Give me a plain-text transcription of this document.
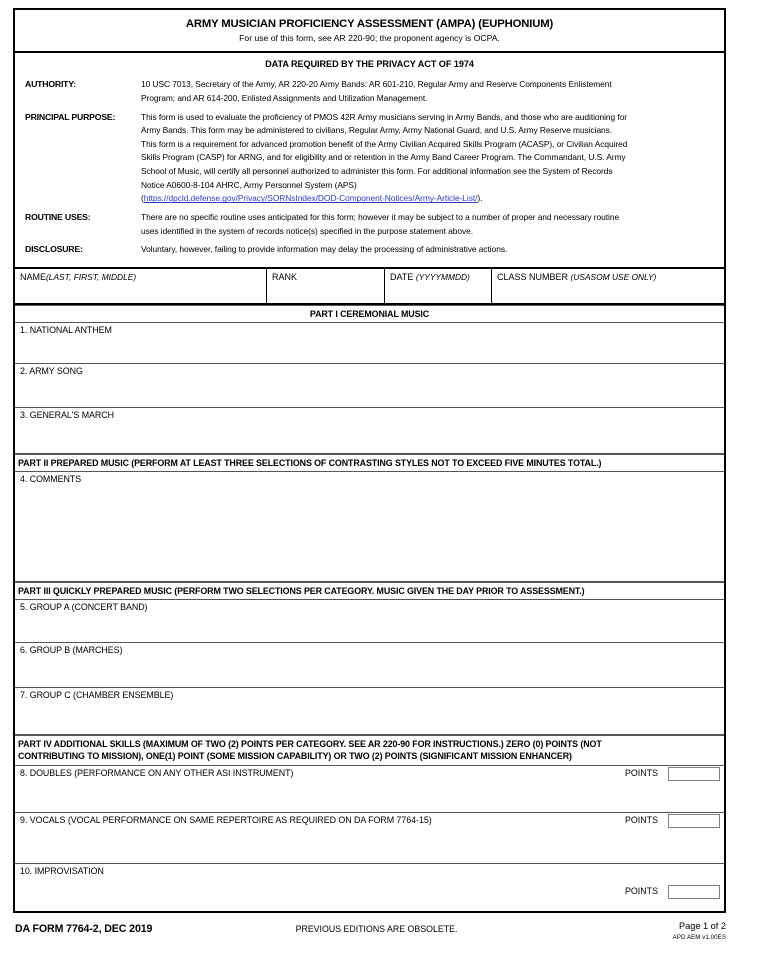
ARMY MUSICIAN PROFICIENCY ASSESSMENT (AMPA) (EUPHONIUM)
For use of this form, see AR 220-90; the proponent agency is OCPA.
DATA REQUIRED BY THE PRIVACY ACT OF 1974
AUTHORITY:	10 USC 7013, Secretary of the Army, AR 220-20 Army Bands: AR 601-210, Regular Army and Reserve Components Enlistement
Program; and AR 614-200, Enlisted Assignments and Utilization Management.
PRINCIPAL PURPOSE:	This form is used to evaluate the proficiency of PMOS 42R Army musicians serving in Army Bands, and those who are auditioning for
Army Bands. This form may be administered to civilians, Regular Army, Army National Guard, and U.S. Army Reserve musicians.
This form is a requirement for advanced promotion benefit of the Army Civilian Acquired Skills Program (ACASP), or Civilian Acquired
Skills Program (CASP) for ARNG, and for eligibility and or retention in the Army Band Career Program. The Commandant, U.S. Army
School of Music, will certify all personnel authorized to administer this form. For additional information see the System of Records
Notice A0600-8-104 AHRC, Army Personnel System (APS)
(https://dpcld.defense.gov/Privacy/SORNsIndex/DOD-Component-Notices/Army-Article-List/).
ROUTINE USES:	There are no specific routine uses anticipated for this form; however it may be subject to a number of proper and necessary routine
uses identified in the system of records notice(s) specified in the purpose statement above.
DISCLOSURE:	Voluntary, however, failing to provide information may delay the processing of administrative actions.
NAME(LAST, FIRST, MIDDLE)	RANK	DATE (YYYYMMDD)	CLASS NUMBER (USASOM USE ONLY)
PART I CEREMONIAL MUSIC
1. NATIONAL ANTHEM
2. ARMY SONG
3. GENERAL'S MARCH
PART II PREPARED MUSIC (PERFORM AT LEAST THREE SELECTIONS OF CONTRASTING STYLES NOT TO EXCEED FIVE MINUTES TOTAL.)
4. COMMENTS
PART III QUICKLY PREPARED MUSIC (PERFORM TWO SELECTIONS PER CATEGORY. MUSIC GIVEN THE DAY PRIOR TO ASSESSMENT.)
5. GROUP A (CONCERT BAND)
6. GROUP B (MARCHES)
7. GROUP C (CHAMBER ENSEMBLE)
PART IV ADDITIONAL SKILLS (MAXIMUM OF TWO (2) POINTS PER CATEGORY. SEE AR 220-90 FOR INSTRUCTIONS.) ZERO (0) POINTS (NOT
CONTRIBUTING TO MISSION), ONE(1) POINT (SOME MISSION CAPABILITY) OR TWO (2) POINTS (SIGNIFICANT MISSION ENHANCER)
8. DOUBLES (PERFORMANCE ON ANY OTHER ASI INSTRUMENT)	POINTS
9. VOCALS (VOCAL PERFORMANCE ON SAME REPERTOIRE AS REQUIRED ON DA FORM 7764-15)	POINTS
10. IMPROVISATION
POINTS
DA FORM 7764-2, DEC 2019	PREVIOUS EDITIONS ARE OBSOLETE.	Page 1 of 2
APD AEM v1.00ES
